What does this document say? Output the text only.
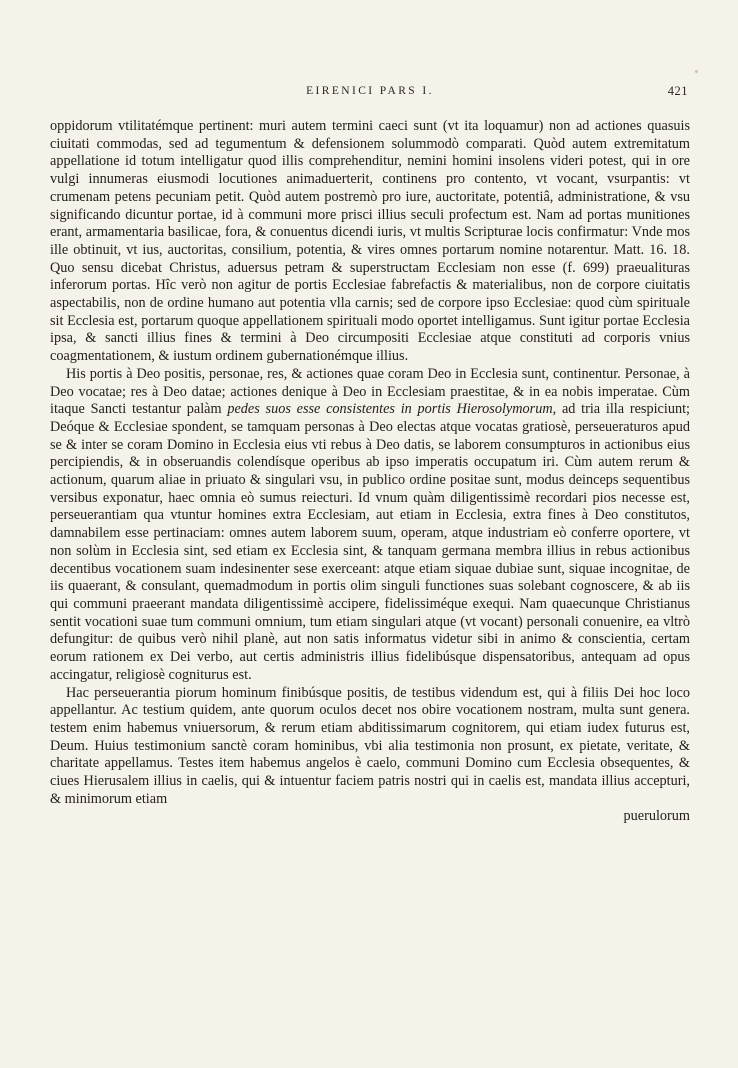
EIRENICI PARS I.	421

oppidorum vtilitatémque pertinent: muri autem termini caeci sunt (vt ita loquamur) non ad actiones quasuis ciuitati commodas, sed ad tegumentum & defensionem solummodò comparati. Quòd autem extremitatum appellatione id totum intelligatur quod illis comprehenditur, nemini homini insolens videri potest, qui in ore vulgi innumeras eiusmodi locutiones animaduerterit, continens pro contento, vt vocant, vsurpantis: vt crumenam petens pecuniam petit. Quòd autem postremò pro iure, auctoritate, potentiâ, administratione, & vsu significando dicuntur portae, id à communi more prisci illius seculi profectum est. Nam ad portas munitiones erant, armamentaria basilicae, fora, & conuentus dicendi iuris, vt multis Scripturae locis confirmatur: Vnde mos ille obtinuit, vt ius, auctoritas, consilium, potentia, & vires omnes portarum nomine notarentur. Matt. 16. 18. Quo sensu dicebat Christus, aduersus petram & superstructam Ecclesiam non esse (f. 699) praeualituras inferorum portas. Hîc verò non agitur de portis Ecclesiae fabrefactis & materialibus, non de corpore ciuitatis aspectabilis, non de ordine humano aut potentia vlla carnis; sed de corpore ipso Ecclesiae: quod cùm spirituale sit Ecclesia est, portarum quoque appellationem spirituali modo oportet intelligamus. Sunt igitur portae Ecclesia ipsa, & sancti illius fines & termini à Deo circumpositi Ecclesiae atque constituti ad corporis vnius coagmentationem, & iustum ordinem gubernationémque illius.

His portis à Deo positis, personae, res, & actiones quae coram Deo in Ecclesia sunt, continentur. Personae, à Deo vocatae; res à Deo datae; actiones denique à Deo in Ecclesiam praestitae, & in ea nobis imperatae. Cùm itaque Sancti testantur palàm pedes suos esse consistentes in portis Hierosolymorum, ad tria illa respiciunt; Deóque & Ecclesiae spondent, se tamquam personas à Deo electas atque vocatas gratiosè, perseueraturos apud se & inter se coram Domino in Ecclesia eius vti rebus à Deo datis, se laborem consumpturos in actionibus eius percipiendis, & in obseruandis colendísque operibus ab ipso imperatis occupatum iri. Cùm autem rerum & actionum, quarum aliae in priuato & singulari vsu, in publico ordine positae sunt, modus deinceps sequentibus versibus exponatur, haec omnia eò sumus reiecturi. Id vnum quàm diligentissimè recordari pios necesse est, perseuerantiam qua vtuntur homines extra Ecclesiam, aut etiam in Ecclesia, extra fines à Deo constitutos, damnabilem esse pertinaciam: omnes autem laborem suum, operam, atque industriam eò conferre oportere, vt non solùm in Ecclesia sint, sed etiam ex Ecclesia sint, & tanquam germana membra illius in rebus actionibus decentibus vocationem suam indesinenter sese exerceant: atque etiam siquae dubiae sunt, siquae incognitae, de iis quaerant, & consulant, quemadmodum in portis olim singuli functiones suas solebant cognoscere, & ab iis qui communi praeerant mandata diligentissimè accipere, fidelissiméque exequi. Nam quaecunque Christianus sentit vocationi suae tum communi omnium, tum etiam singulari atque (vt vocant) personali conuenire, ea vltrò defungitur: de quibus verò nihil planè, aut non satis informatus videtur sibi in animo & conscientia, certam eorum rationem ex Dei verbo, aut certis administris illius fidelibúsque dispensatoribus, antequam ad opus accingatur, religiosè cogniturus est.

Hac perseuerantia piorum hominum finibúsque positis, de testibus videndum est, qui à filiis Dei hoc loco appellantur. Ac testium quidem, ante quorum oculos decet nos obire vocationem nostram, multa sunt genera. testem enim habemus vniuersorum, & rerum etiam abditissimarum cognitorem, qui etiam iudex futurus est, Deum. Huius testimonium sanctè coram hominibus, vbi alia testimonia non prosunt, ex pietate, veritate, & charitate appellamus. Testes item habemus angelos è caelo, communi Domino cum Ecclesia obsequentes, & ciues Hierusalem illius in caelis, qui & intuentur faciem patris nostri qui in caelis est, mandata illius accepturi, & minimorum etiam

puerulorum
